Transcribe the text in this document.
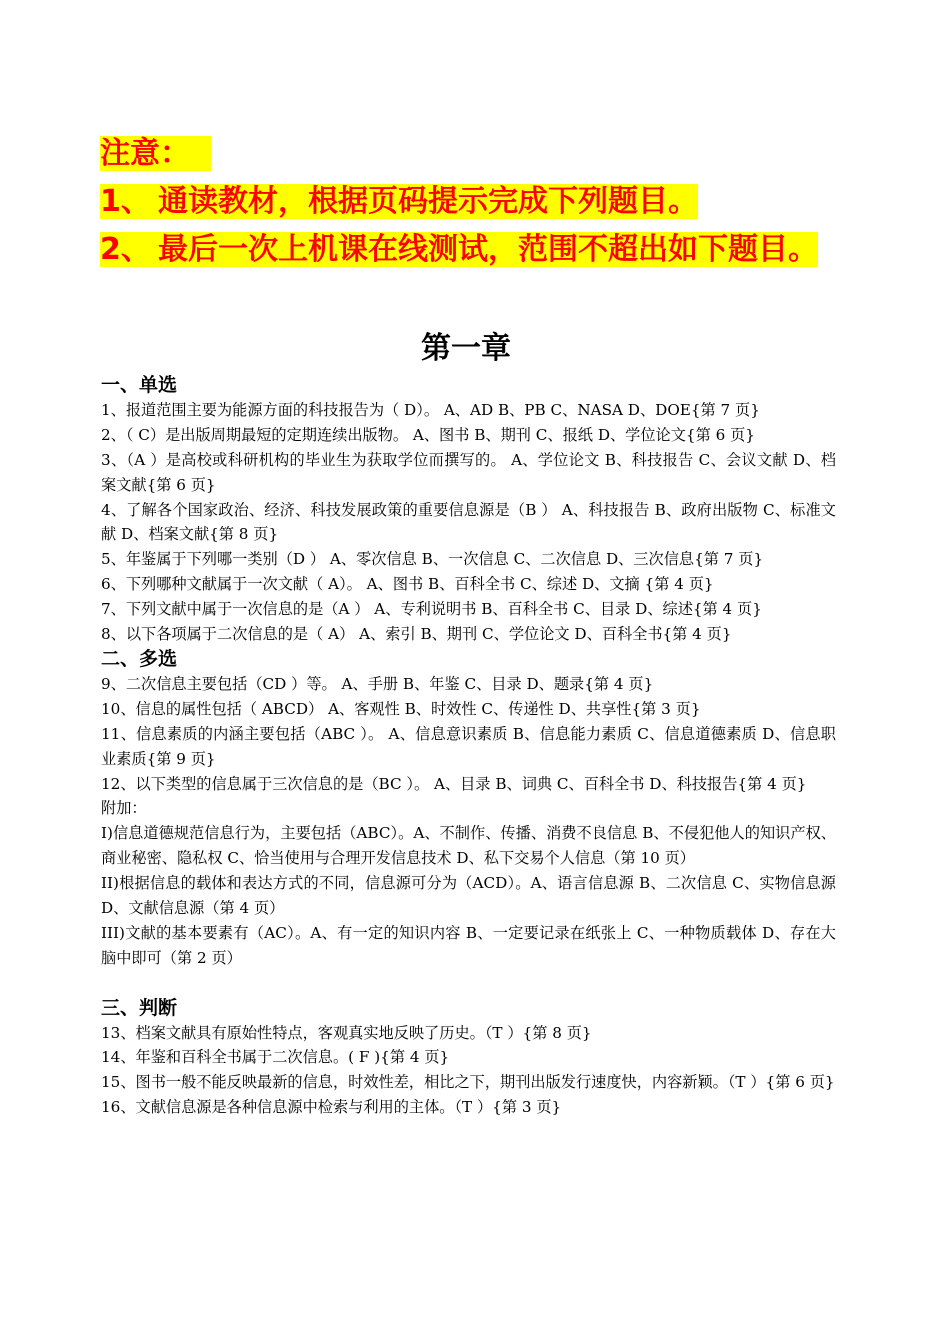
注意：
1、 通读教材，根据页码提示完成下列题目。
2、 最后一次上机课在线测试，范围不超出如下题目。
第一章
一、单选
1、报道范围主要为能源方面的科技报告为（ D）。 A、AD B、PB C、NASA D、DOE{第 7 页}
2、（ C）是出版周期最短的定期连续出版物。 A、图书 B、期刊 C、报纸 D、学位论文{第 6 页}
3、（A ）是高校或科研机构的毕业生为获取学位而撰写的。 A、学位论文 B、科技报告 C、会议文献 D、档案文献{第 6 页}
4、了解各个国家政治、经济、科技发展政策的重要信息源是（B ） A、科技报告 B、政府出版物 C、标准文献 D、档案文献{第 8 页}
5、年鉴属于下列哪一类别（D ） A、零次信息 B、一次信息 C、二次信息 D、三次信息{第 7 页}
6、下列哪种文献属于一次文献（ A）。 A、图书 B、百科全书 C、综述 D、文摘 {第 4 页}
7、下列文献中属于一次信息的是（A ） A、专利说明书 B、百科全书 C、目录 D、综述{第 4 页}
8、以下各项属于二次信息的是（ A） A、索引 B、期刊 C、学位论文 D、百科全书{第 4 页}
二、多选
9、二次信息主要包括（CD ）等。 A、手册 B、年鉴 C、目录 D、题录{第 4 页}
10、信息的属性包括（ ABCD） A、客观性 B、时效性 C、传递性 D、共享性{第 3 页}
11、信息素质的内涵主要包括（ABC ）。 A、信息意识素质 B、信息能力素质 C、信息道德素质 D、信息职业素质{第 9 页}
12、以下类型的信息属于三次信息的是（BC ）。 A、目录 B、词典 C、百科全书 D、科技报告{第 4 页}
附加：
I)信息道德规范信息行为，主要包括（ABC）。A、不制作、传播、消费不良信息 B、不侵犯他人的知识产权、商业秘密、隐私权 C、恰当使用与合理开发信息技术 D、私下交易个人信息（第 10 页）
II)根据信息的载体和表达方式的不同，信息源可分为（ACD）。A、语言信息源 B、二次信息 C、实物信息源 D、文献信息源（第 4 页）
III)文献的基本要素有（AC）。A、有一定的知识内容 B、一定要记录在纸张上 C、一种物质载体 D、存在大脑中即可（第 2 页）
三、判断
13、档案文献具有原始性特点，客观真实地反映了历史。（T ）{第 8 页}
14、年鉴和百科全书属于二次信息。( F ){第 4 页}
15、图书一般不能反映最新的信息，时效性差，相比之下，期刊出版发行速度快，内容新颖。（T ）{第 6 页}
16、文献信息源是各种信息源中检索与利用的主体。（T ）{第 3 页}
